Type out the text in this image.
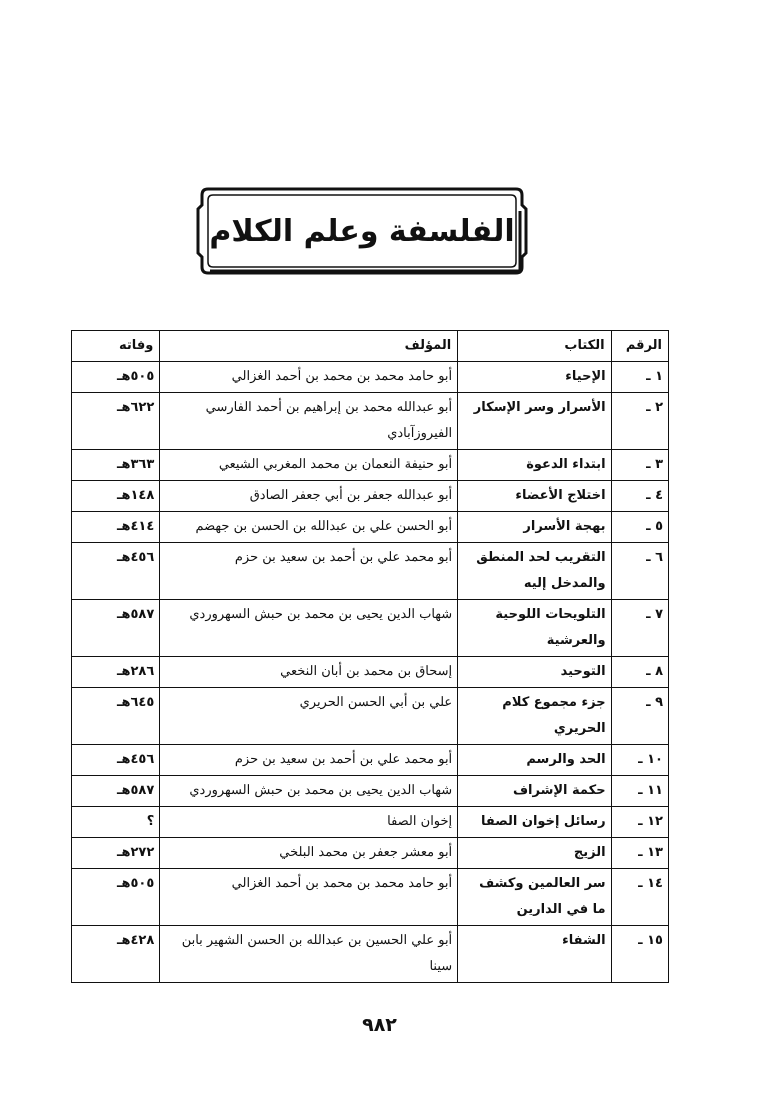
الفلسفة وعلم الكلام
الرقم	الكتاب	المؤلف	وفاته
١ ـ	الإحياء	أبو حامد محمد بن محمد بن أحمد الغزالي	٥٠٥هـ
٢ ـ	الأسرار وسر الإسكار	أبو عبدالله محمد بن إبراهيم بن أحمد الفارسي الفيروزآبادي	٦٢٢هـ
٣ ـ	ابتداء الدعوة	أبو حنيفة النعمان بن محمد المغربي الشيعي	٣٦٣هـ
٤ ـ	اختلاج الأعضاء	أبو عبدالله جعفر بن أبي جعفر الصادق	١٤٨هـ
٥ ـ	بهجة الأسرار	أبو الحسن علي بن عبدالله بن الحسن بن جهضم	٤١٤هـ
٦ ـ	التقريب لحد المنطق والمدخل إليه	أبو محمد علي بن أحمد بن سعيد بن حزم	٤٥٦هـ
٧ ـ	التلويحات اللوحية والعرشية	شهاب الدين يحيى بن محمد بن حبش السهروردي	٥٨٧هـ
٨ ـ	التوحيد	إسحاق بن محمد بن أبان النخعي	٢٨٦هـ
٩ ـ	جزء مجموع كلام الحريري	علي بن أبي الحسن الحريري	٦٤٥هـ
١٠ ـ	الحد والرسم	أبو محمد علي بن أحمد بن سعيد بن حزم	٤٥٦هـ
١١ ـ	حكمة الإشراف	شهاب الدين يحيى بن محمد بن حبش السهروردي	٥٨٧هـ
١٢ ـ	رسائل إخوان الصفا	إخوان الصفا	؟
١٣ ـ	الزيج	أبو معشر جعفر بن محمد البلخي	٢٧٢هـ
١٤ ـ	سر العالمين وكشف ما في الدارين	أبو حامد محمد بن محمد بن أحمد الغزالي	٥٠٥هـ
١٥ ـ	الشفاء	أبو علي الحسين بن عبدالله بن الحسن الشهير بابن سينا	٤٢٨هـ
٩٨٢
